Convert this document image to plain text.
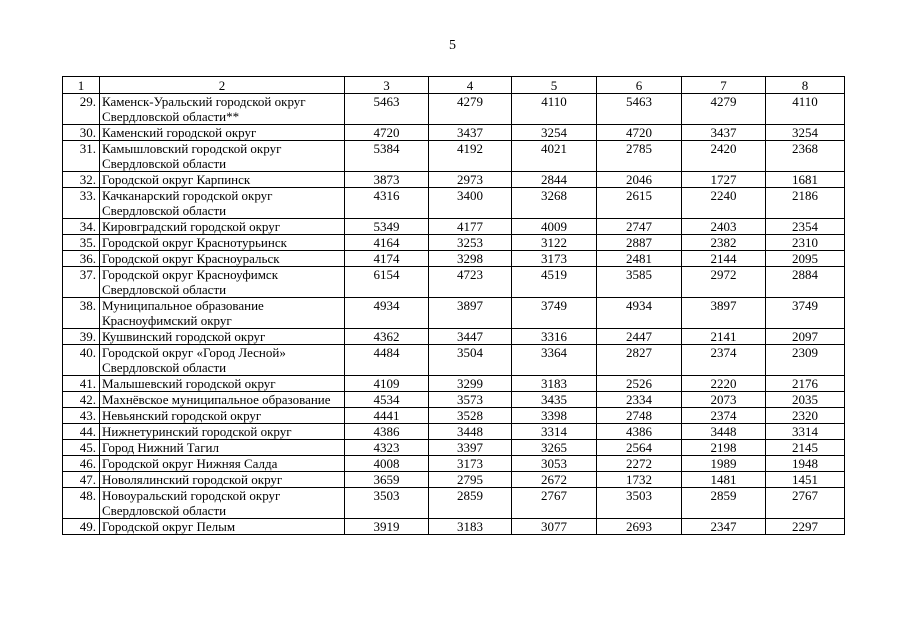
5
1	2	3	4	5	6	7	8
29.	Каменск-Уральский городской округ Свердловской области**	5463	4279	4110	5463	4279	4110
30.	Каменский городской округ	4720	3437	3254	4720	3437	3254
31.	Камышловский городской округ Свердловской области	5384	4192	4021	2785	2420	2368
32.	Городской округ Карпинск	3873	2973	2844	2046	1727	1681
33.	Качканарский городской округ Свердловской области	4316	3400	3268	2615	2240	2186
34.	Кировградский городской округ	5349	4177	4009	2747	2403	2354
35.	Городской округ Краснотурьинск	4164	3253	3122	2887	2382	2310
36.	Городской округ Красноуральск	4174	3298	3173	2481	2144	2095
37.	Городской округ Красноуфимск Свердловской области	6154	4723	4519	3585	2972	2884
38.	Муниципальное образование Красноуфимский округ	4934	3897	3749	4934	3897	3749
39.	Кушвинский городской округ	4362	3447	3316	2447	2141	2097
40.	Городской округ «Город Лесной» Свердловской области	4484	3504	3364	2827	2374	2309
41.	Малышевский городской округ	4109	3299	3183	2526	2220	2176
42.	Махнёвское муниципальное образование	4534	3573	3435	2334	2073	2035
43.	Невьянский городской округ	4441	3528	3398	2748	2374	2320
44.	Нижнетуринский городской округ	4386	3448	3314	4386	3448	3314
45.	Город Нижний Тагил	4323	3397	3265	2564	2198	2145
46.	Городской округ Нижняя Салда	4008	3173	3053	2272	1989	1948
47.	Новолялинский городской округ	3659	2795	2672	1732	1481	1451
48.	Новоуральский городской округ Свердловской области	3503	2859	2767	3503	2859	2767
49.	Городской округ Пелым	3919	3183	3077	2693	2347	2297
